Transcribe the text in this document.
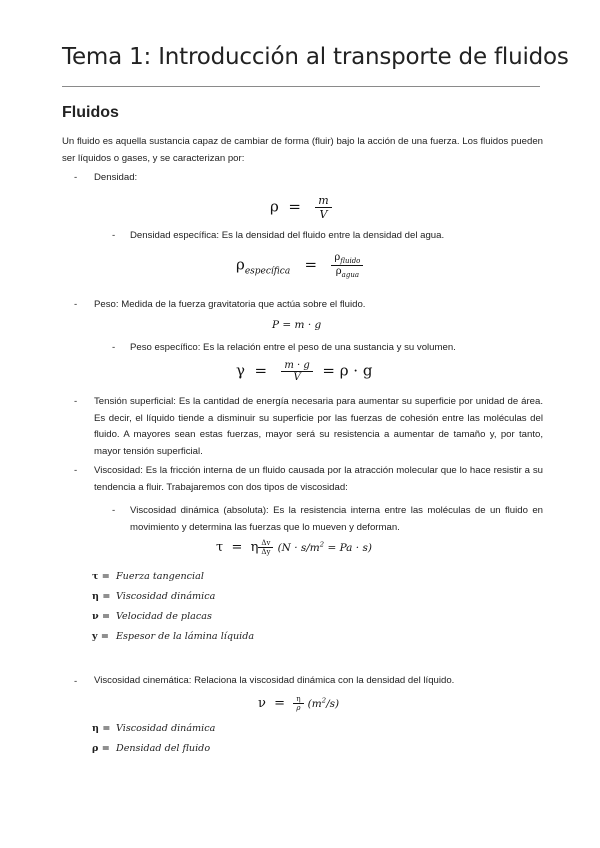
Tema 1: Introducción al transporte de fluidos
Fluidos
Un fluido es aquella sustancia capaz de cambiar de forma (fluir) bajo la acción de una fuerza. Los fluidos pueden ser líquidos o gases, y se caracterizan por:
- Densidad:
$\rho = \frac{m}{V}$
- Densidad específica: Es la densidad del fluido entre la densidad del agua.
$\rho_{específica} = \frac{\rho_{fluido}}{\rho_{agua}}$
- Peso: Medida de la fuerza gravitatoria que actúa sobre el fluido.
P = m · g
- Peso específico: Es la relación entre el peso de una sustancia y su volumen.
$\gamma = \frac{m \cdot g}{V} = \rho \cdot g$
- Tensión superficial: Es la cantidad de energía necesaria para aumentar su superficie por unidad de área. Es decir, el líquido tiende a disminuir su superficie por las fuerzas de cohesión entre las moléculas del fluido. A mayores sean estas fuerzas, mayor será su resistencia a aumentar de tamaño y, por tanto, mayor tensión superficial.
- Viscosidad: Es la fricción interna de un fluido causada por la atracción molecular que lo hace resistir a su tendencia a fluir. Trabajaremos con dos tipos de viscosidad:
- Viscosidad dinámica (absoluta): Es la resistencia interna entre las moléculas de un fluido en movimiento y determina las fuerzas que lo mueven y deforman.
τ  =  η $\frac{\Delta v}{\Delta y} (N \cdot s/m^2 = Pa \cdot s)$
τ = Fuerza tangencial
η = Viscosidad dinámica
ν = Velocidad de placas
y = Espesor de la lámina líquida
- Viscosidad cinemática: Relaciona la viscosidad dinámica con la densidad del líquido.
$\nu = \frac{\eta}{\rho} (m^2/s)$
η = Viscosidad dinámica
ρ = Densidad del fluido
